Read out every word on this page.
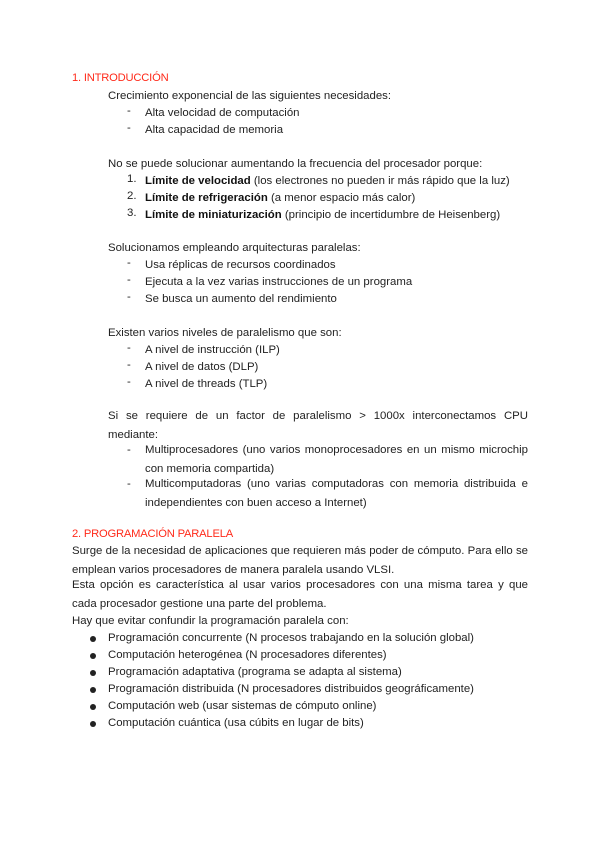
1. INTRODUCCIÓN
Crecimiento exponencial de las siguientes necesidades:
-	Alta velocidad de computación
-	Alta capacidad de memoria
No se puede solucionar aumentando la frecuencia del procesador porque:
1. Límite de velocidad (los electrones no pueden ir más rápido que la luz)
2. Límite de refrigeración (a menor espacio más calor)
3. Límite de miniaturización (principio de incertidumbre de Heisenberg)
Solucionamos empleando arquitecturas paralelas:
-	Usa réplicas de recursos coordinados
-	Ejecuta a la vez varias instrucciones de un programa
-	Se busca un aumento del rendimiento
Existen varios niveles de paralelismo que son:
-	A nivel de instrucción (ILP)
-	A nivel de datos (DLP)
-	A nivel de threads (TLP)
Si se requiere de un factor de paralelismo > 1000x interconectamos CPU
mediante:
-	Multiprocesadores (uno varios monoprocesadores en un mismo microchip
con memoria compartida)
-	Multicomputadoras (uno varias computadoras con memoria distribuida e
independientes con buen acceso a Internet)
2. PROGRAMACIÓN PARALELA
Surge de la necesidad de aplicaciones que requieren más poder de cómputo. Para ello se
emplean varios procesadores de manera paralela usando VLSI.
Esta opción es característica al usar varios procesadores con una misma tarea y que
cada procesador gestione una parte del problema.
Hay que evitar confundir la programación paralela con:
Programación concurrente (N procesos trabajando en la solución global)
Computación heterogénea (N procesadores diferentes)
Programación adaptativa (programa se adapta al sistema)
Programación distribuida (N procesadores distribuidos geográficamente)
Computación web (usar sistemas de cómputo online)
Computación cuántica (usa cúbits en lugar de bits)
